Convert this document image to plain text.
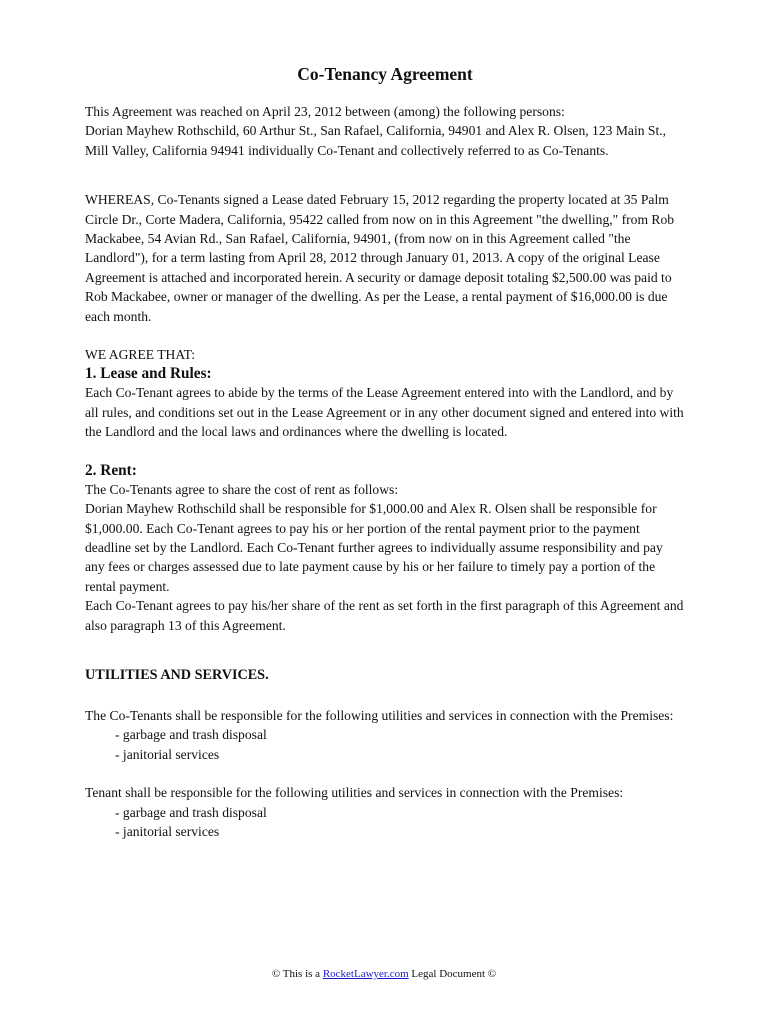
Co-Tenancy Agreement

This Agreement was reached on April 23, 2012 between (among) the following persons:

Dorian Mayhew Rothschild, 60 Arthur St., San Rafael, California, 94901 and Alex R. Olsen, 123 Main St., Mill Valley, California 94941 individually Co-Tenant and collectively referred to as Co-Tenants.

WHEREAS, Co-Tenants signed a Lease dated February 15, 2012 regarding the property located at 35 Palm Circle Dr., Corte Madera, California, 95422 called from now on in this Agreement "the dwelling," from Rob Mackabee, 54 Avian Rd., San Rafael, California, 94901, (from now on in this Agreement called "the Landlord"), for a term lasting from April 28, 2012 through January 01, 2013. A copy of the original Lease Agreement is attached and incorporated herein. A security or damage deposit totaling $2,500.00 was paid to Rob Mackabee, owner or manager of the dwelling. As per the Lease, a rental payment of $16,000.00 is due each month.

WE AGREE THAT:

1. Lease and Rules:

Each Co-Tenant agrees to abide by the terms of the Lease Agreement entered into with the Landlord, and by all rules, and conditions set out in the Lease Agreement or in any other document signed and entered into with the Landlord and the local laws and ordinances where the dwelling is located.

2. Rent:

The Co-Tenants agree to share the cost of rent as follows:

Dorian Mayhew Rothschild shall be responsible for $1,000.00 and Alex R. Olsen shall be responsible for $1,000.00. Each Co-Tenant agrees to pay his or her portion of the rental payment prior to the payment deadline set by the Landlord. Each Co-Tenant further agrees to individually assume responsibility and pay any fees or charges assessed due to late payment cause by his or her failure to timely pay a portion of the rental payment.

Each Co-Tenant agrees to pay his/her share of the rent as set forth in the first paragraph of this Agreement and also paragraph 13 of this Agreement.

UTILITIES AND SERVICES.

The Co-Tenants shall be responsible for the following utilities and services in connection with the Premises:

- garbage and trash disposal
- janitorial services

Tenant shall be responsible for the following utilities and services in connection with the Premises:

- garbage and trash disposal
- janitorial services
© This is a RocketLawyer.com Legal Document ©
